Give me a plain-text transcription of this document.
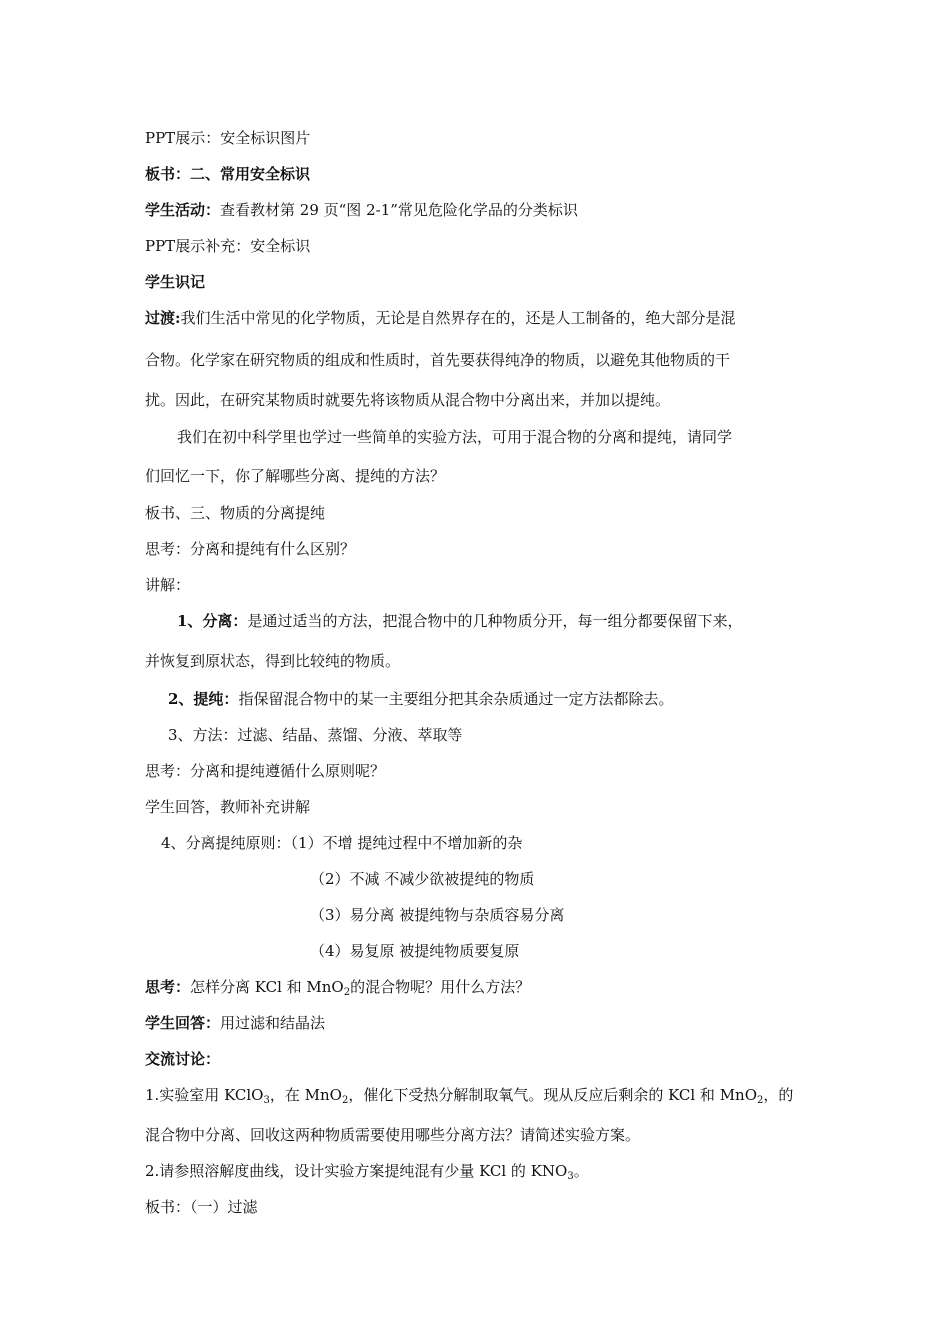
PPT展示：安全标识图片
板书：二、常用安全标识
学生活动：查看教材第 29 页“图 2-1”常见危险化学品的分类标识
PPT展示补充：安全标识
学生识记
过渡:我们生活中常见的化学物质，无论是自然界存在的，还是人工制备的，绝大部分是混
合物。化学家在研究物质的组成和性质时，首先要获得纯净的物质，以避免其他物质的干
扰。因此，在研究某物质时就要先将该物质从混合物中分离出来，并加以提纯。
我们在初中科学里也学过一些简单的实验方法，可用于混合物的分离和提纯，请同学
们回忆一下，你了解哪些分离、提纯的方法？
板书、三、物质的分离提纯
思考：分离和提纯有什么区别？
讲解：
1、分离：是通过适当的方法，把混合物中的几种物质分开，每一组分都要保留下来，
并恢复到原状态，得到比较纯的物质。
2、提纯：指保留混合物中的某一主要组分把其余杂质通过一定方法都除去。
3、方法：过滤、结晶、蒸馏、分液、萃取等
思考：分离和提纯遵循什么原则呢？
学生回答，教师补充讲解
4、分离提纯原则：（1）不增 提纯过程中不增加新的杂
（2）不减 不减少欲被提纯的物质
（3）易分离 被提纯物与杂质容易分离
（4）易复原 被提纯物质要复原
思考：怎样分离 KCl 和 MnO$_2$的混合物呢？用什么方法？
学生回答：用过滤和结晶法
交流讨论：
1.实验室用 KClO$_3$，在 MnO$_2$，催化下受热分解制取氧气。现从反应后剩余的 KCl 和 MnO$_2$，的
混合物中分离、回收这两种物质需要使用哪些分离方法？请简述实验方案。
2.请参照溶解度曲线，设计实验方案提纯混有少量 KCl 的 $KNO_3$。
板书：（一）过滤
